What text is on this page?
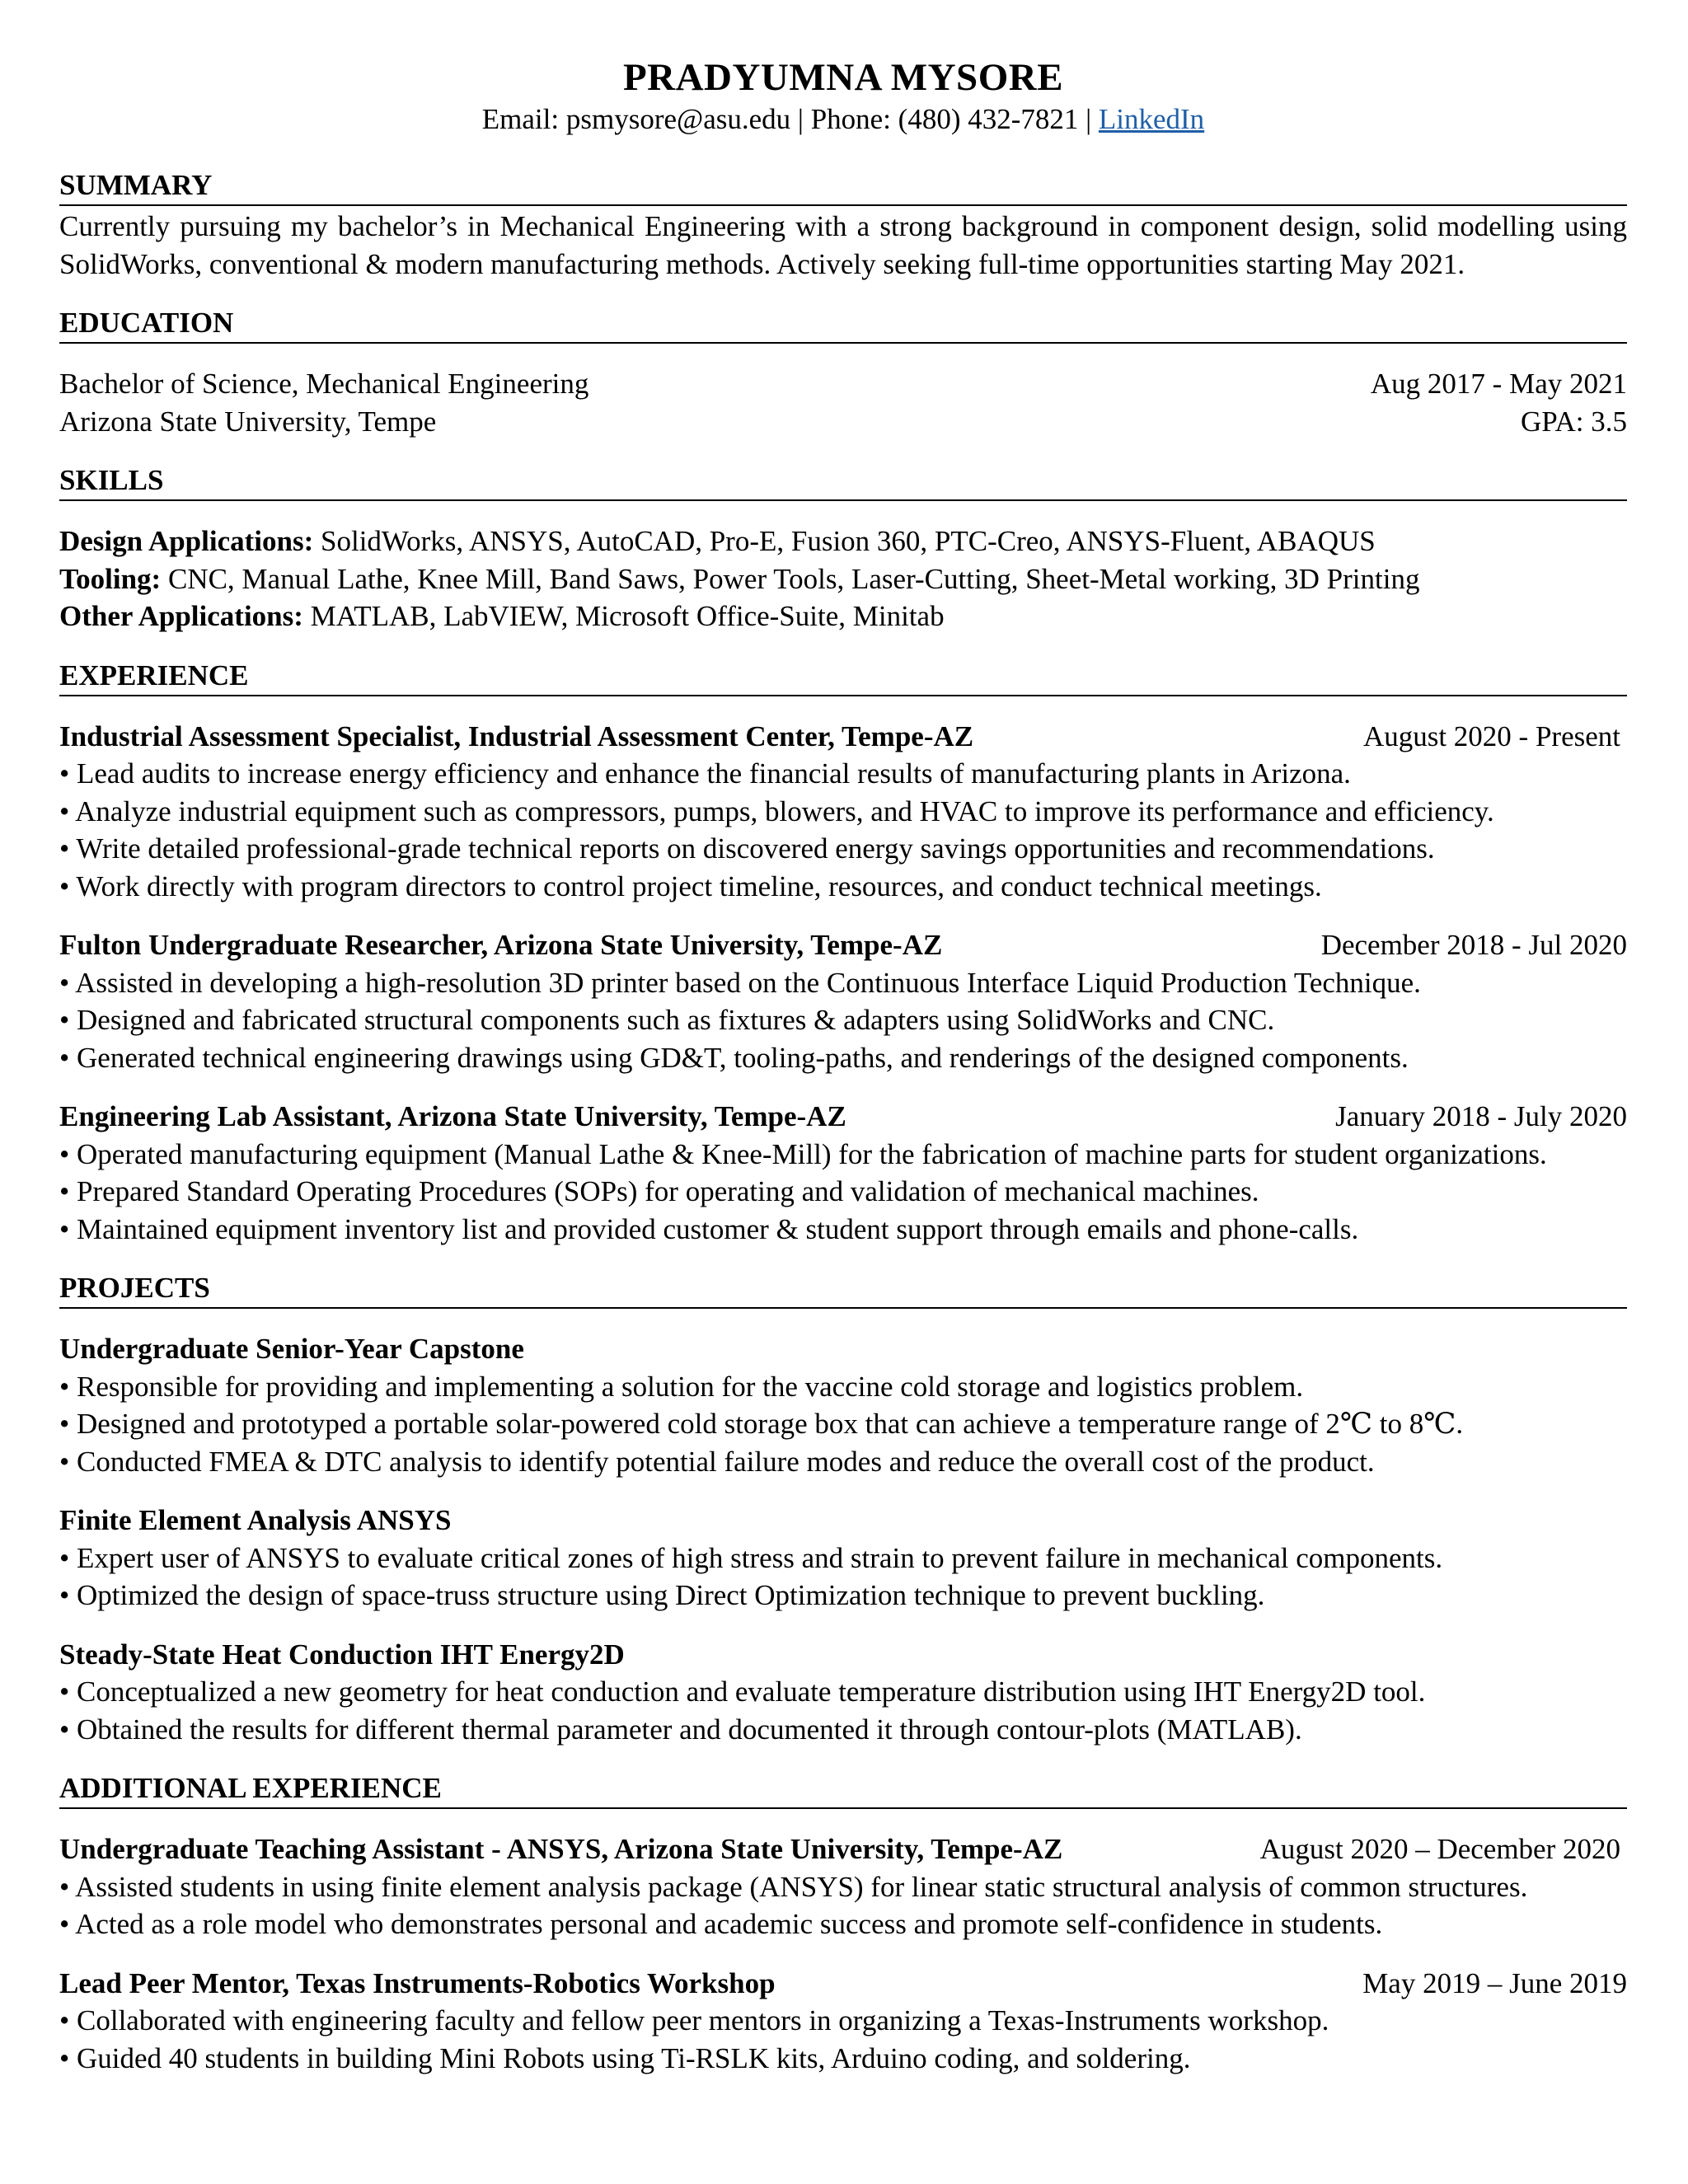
PRADYUMNA MYSORE
Email: psmysore@asu.edu | Phone: (480) 432-7821 | LinkedIn
SUMMARY
Currently pursuing my bachelor’s in Mechanical Engineering with a strong background in component design, solid modelling using SolidWorks, conventional & modern manufacturing methods. Actively seeking full-time opportunities starting May 2021.
EDUCATION
Bachelor of Science, Mechanical Engineering	Aug 2017 - May 2021
Arizona State University, Tempe	GPA: 3.5
SKILLS
Design Applications: SolidWorks, ANSYS, AutoCAD, Pro-E, Fusion 360, PTC-Creo, ANSYS-Fluent, ABAQUS
Tooling: CNC, Manual Lathe, Knee Mill, Band Saws, Power Tools, Laser-Cutting, Sheet-Metal working, 3D Printing
Other Applications: MATLAB, LabVIEW, Microsoft Office-Suite, Minitab
EXPERIENCE
Industrial Assessment Specialist, Industrial Assessment Center, Tempe-AZ	August 2020 - Present
• Lead audits to increase energy efficiency and enhance the financial results of manufacturing plants in Arizona.
• Analyze industrial equipment such as compressors, pumps, blowers, and HVAC to improve its performance and efficiency.
• Write detailed professional-grade technical reports on discovered energy savings opportunities and recommendations.
• Work directly with program directors to control project timeline, resources, and conduct technical meetings.
Fulton Undergraduate Researcher, Arizona State University, Tempe-AZ	December 2018 - Jul 2020
• Assisted in developing a high-resolution 3D printer based on the Continuous Interface Liquid Production Technique.
• Designed and fabricated structural components such as fixtures & adapters using SolidWorks and CNC.
• Generated technical engineering drawings using GD&T, tooling-paths, and renderings of the designed components.
Engineering Lab Assistant, Arizona State University, Tempe-AZ	January 2018 - July 2020
• Operated manufacturing equipment (Manual Lathe & Knee-Mill) for the fabrication of machine parts for student organizations.
• Prepared Standard Operating Procedures (SOPs) for operating and validation of mechanical machines.
• Maintained equipment inventory list and provided customer & student support through emails and phone-calls.
PROJECTS
Undergraduate Senior-Year Capstone
• Responsible for providing and implementing a solution for the vaccine cold storage and logistics problem.
• Designed and prototyped a portable solar-powered cold storage box that can achieve a temperature range of 2℃ to 8℃.
• Conducted FMEA & DTC analysis to identify potential failure modes and reduce the overall cost of the product.
Finite Element Analysis ANSYS
• Expert user of ANSYS to evaluate critical zones of high stress and strain to prevent failure in mechanical components.
• Optimized the design of space-truss structure using Direct Optimization technique to prevent buckling.
Steady-State Heat Conduction IHT Energy2D
• Conceptualized a new geometry for heat conduction and evaluate temperature distribution using IHT Energy2D tool.
• Obtained the results for different thermal parameter and documented it through contour-plots (MATLAB).
ADDITIONAL EXPERIENCE
Undergraduate Teaching Assistant - ANSYS, Arizona State University, Tempe-AZ	August 2020 – December 2020
• Assisted students in using finite element analysis package (ANSYS) for linear static structural analysis of common structures.
• Acted as a role model who demonstrates personal and academic success and promote self-confidence in students.
Lead Peer Mentor, Texas Instruments-Robotics Workshop	May 2019 – June 2019
• Collaborated with engineering faculty and fellow peer mentors in organizing a Texas-Instruments workshop.
• Guided 40 students in building Mini Robots using Ti-RSLK kits, Arduino coding, and soldering.
